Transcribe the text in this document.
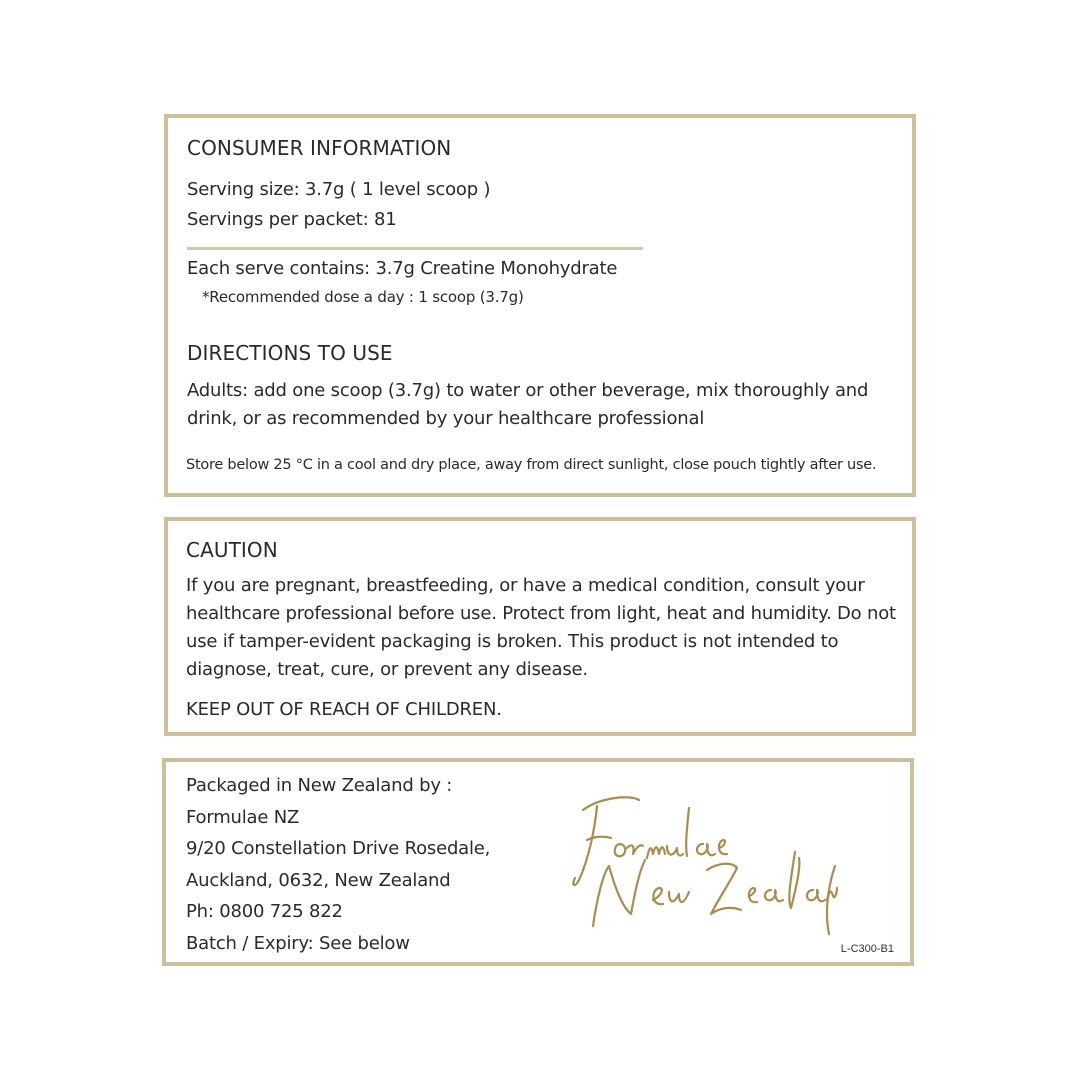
CONSUMER INFORMATION
Serving size: 3.7g ( 1 level scoop )
Servings per packet: 81
Each serve contains: 3.7g Creatine Monohydrate
*Recommended dose a day : 1 scoop (3.7g)
DIRECTIONS TO USE
Adults: add one scoop (3.7g) to water or other beverage, mix thoroughly and
drink, or as recommended by your healthcare professional
Store below 25 °C in a cool and dry place, away from direct sunlight, close pouch tightly after use.
CAUTION
If you are pregnant, breastfeeding, or have a medical condition, consult your
healthcare professional before use. Protect from light, heat and humidity. Do not
use if tamper-evident packaging is broken. This product is not intended to
diagnose, treat, cure, or prevent any disease.
KEEP OUT OF REACH OF CHILDREN.
Packaged in New Zealand by :
Formulae NZ
9/20 Constellation Drive Rosedale,
Auckland, 0632, New Zealand
Ph: 0800 725 822
Batch / Expiry: See below	L-C300-B1
